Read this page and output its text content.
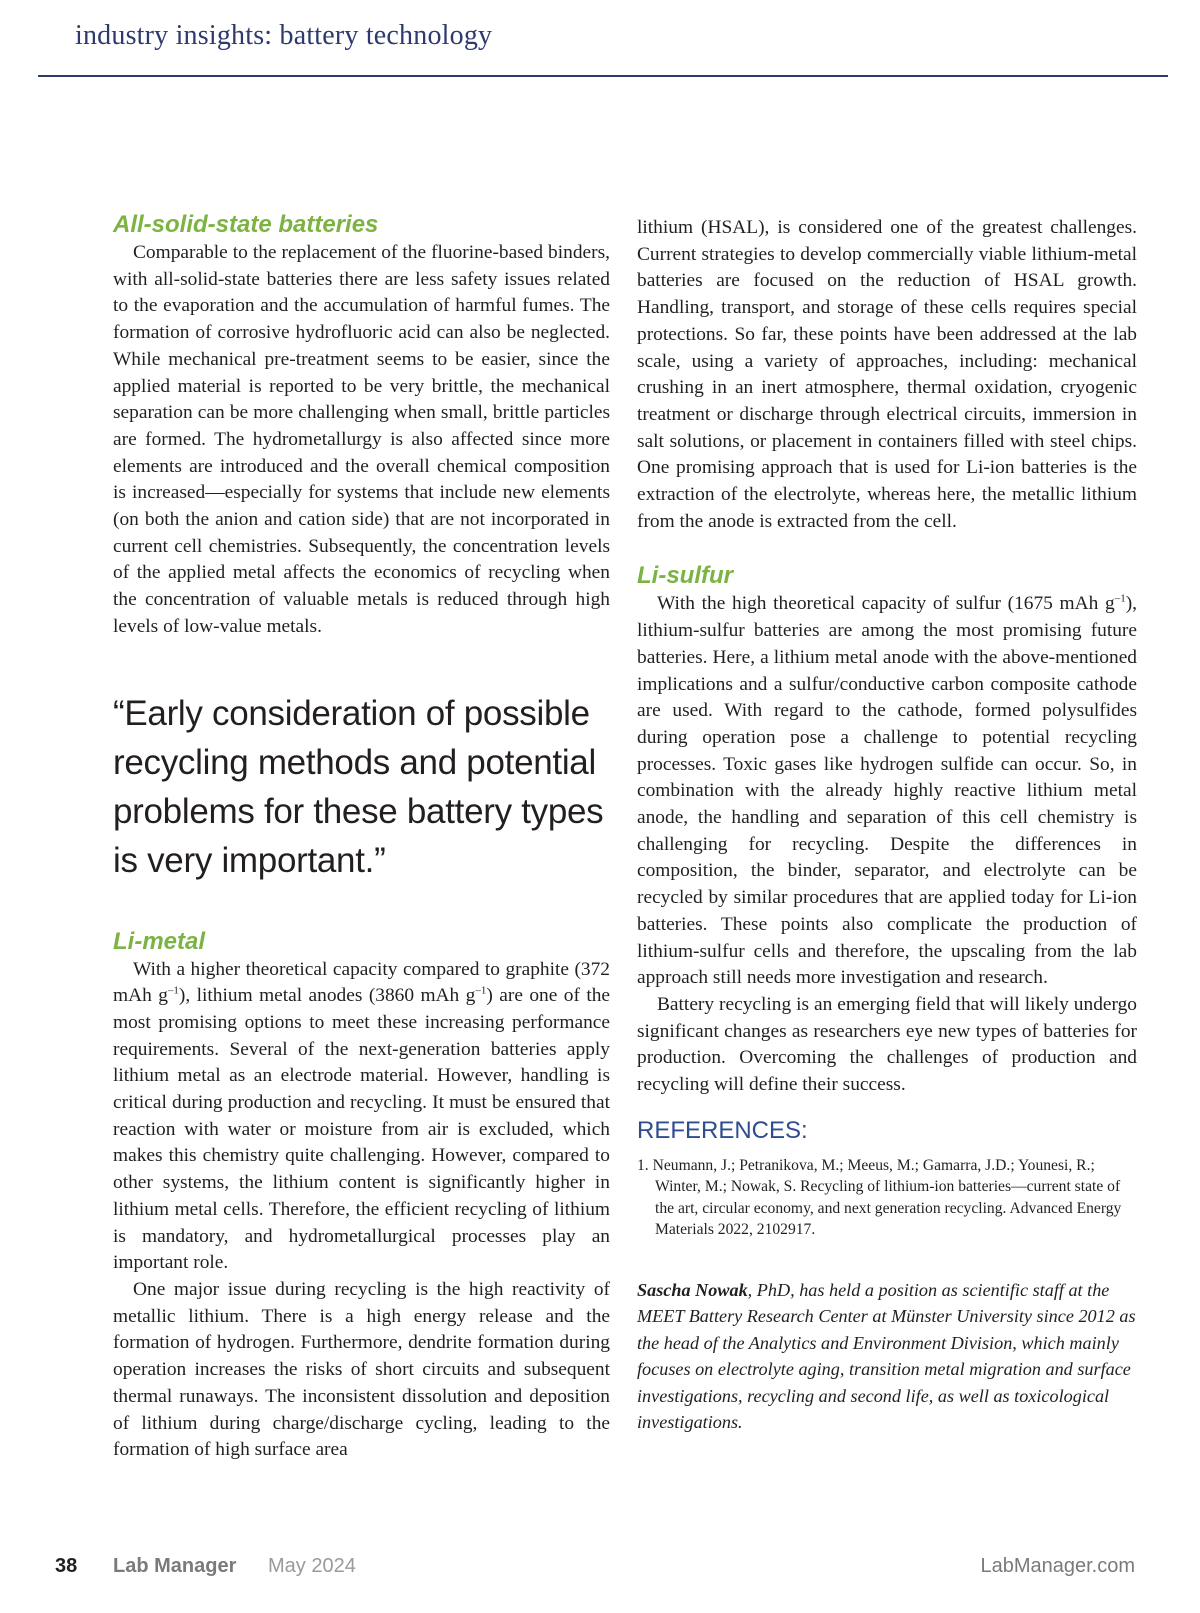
industry insights: battery technology
All-solid-state batteries

Comparable to the replacement of the fluorine-based binders, with all-solid-state batteries there are less safety issues related to the evaporation and the accumulation of harmful fumes. The formation of corrosive hydrofluoric acid can also be neglected. While mechanical pre-treatment seems to be easier, since the applied material is reported to be very brittle, the mechanical separation can be more challenging when small, brittle particles are formed. The hydrometallurgy is also affected since more elements are introduced and the overall chemical composition is increased—especially for systems that include new elements (on both the anion and cation side) that are not incorporated in current cell chemistries. Subsequently, the concentration levels of the applied metal affects the economics of recycling when the concentration of valuable metals is reduced through high levels of low-value metals.

“Early consideration of possible recycling methods and potential problems for these battery types is very important.”
Li-metal

With a higher theoretical capacity compared to graphite (372 mAh $g^{-1}$), lithium metal anodes (3860 mAh $g^{-1}$) are one of the most promising options to meet these increasing performance requirements. Several of the next-generation batteries apply lithium metal as an electrode material. However, handling is critical during production and recycling. It must be ensured that reaction with water or moisture from air is excluded, which makes this chemistry quite challenging. However, compared to other systems, the lithium content is significantly higher in lithium metal cells. Therefore, the efficient recycling of lithium is mandatory, and hydrometallurgical processes play an important role.

One major issue during recycling is the high reactivity of metallic lithium. There is a high energy release and the formation of hydrogen. Furthermore, dendrite formation during operation increases the risks of short circuits and subsequent thermal runaways. The inconsistent dissolution and deposition of lithium during charge/discharge cycling, leading to the formation of high surface area

lithium (HSAL), is considered one of the greatest challenges. Current strategies to develop commercially viable lithium-metal batteries are focused on the reduction of HSAL growth. Handling, transport, and storage of these cells requires special protections. So far, these points have been addressed at the lab scale, using a variety of approaches, including: mechanical crushing in an inert atmosphere, thermal oxidation, cryogenic treatment or discharge through electrical circuits, immersion in salt solutions, or placement in containers filled with steel chips. One promising approach that is used for Li-ion batteries is the extraction of the electrolyte, whereas here, the metallic lithium from the anode is extracted from the cell.

Li-sulfur

With the high theoretical capacity of sulfur (1675 mAh $g^{-1}$), lithium-sulfur batteries are among the most promising future batteries. Here, a lithium metal anode with the above-mentioned implications and a sulfur/conductive carbon composite cathode are used. With regard to the cathode, formed polysulfides during operation pose a challenge to potential recycling processes. Toxic gases like hydrogen sulfide can occur. So, in combination with the already highly reactive lithium metal anode, the handling and separation of this cell chemistry is challenging for recycling. Despite the differences in composition, the binder, separator, and electrolyte can be recycled by similar procedures that are applied today for Li-ion batteries. These points also complicate the production of lithium-sulfur cells and therefore, the upscaling from the lab approach still needs more investigation and research.

Battery recycling is an emerging field that will likely undergo significant changes as researchers eye new types of batteries for production. Overcoming the challenges of production and recycling will define their success.

REFERENCES:

1. Neumann, J.; Petranikova, M.; Meeus, M.; Gamarra, J.D.; Younesi, R.; Winter, M.; Nowak, S. Recycling of lithium-ion batteries—current state of the art, circular economy, and next generation recycling. Advanced Energy Materials 2022, 2102917.

Sascha Nowak, PhD, has held a position as scientific staff at the MEET Battery Research Center at Münster University since 2012 as the head of the Analytics and Environment Division, which mainly focuses on electrolyte aging, transition metal migration and surface investigations, recycling and second life, as well as toxicological investigations.

38 Lab Manager May 2024	LabManager.com
